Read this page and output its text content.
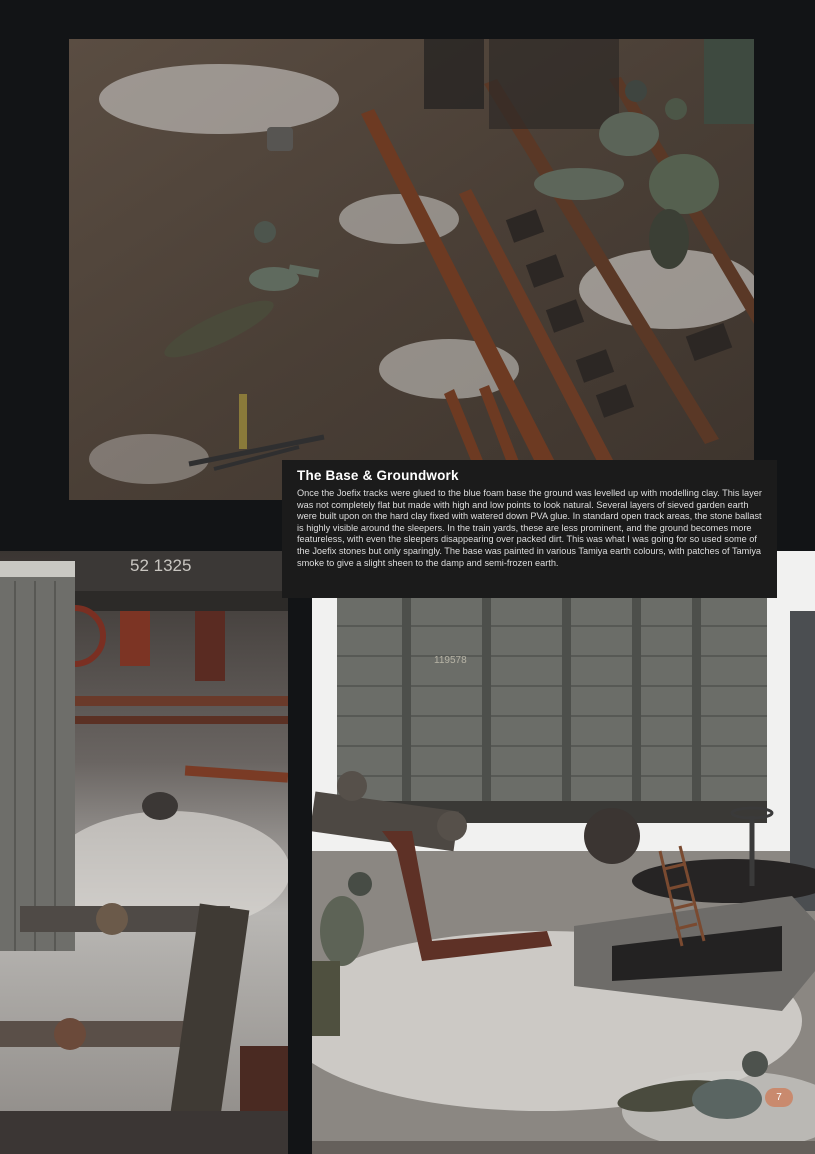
52 1325
119578
The Base & Groundwork

Once the Joefix tracks were glued to the blue foam base the ground was levelled up with modelling clay. This layer was not completely flat but made with high and low points to look natural. Several layers of sieved garden earth were built upon on the hard clay fixed with watered down PVA glue. In standard open track areas, the stone ballast is highly visible around the sleepers. In the train yards, these are less prominent, and the ground becomes more featureless, with even the sleepers disappearing over packed dirt. This was what I was going for so used some of the Joefix stones but only sparingly. The base was painted in various Tamiya earth colours, with patches of Tamiya smoke to give a slight sheen to the damp and semi-frozen earth.

7
